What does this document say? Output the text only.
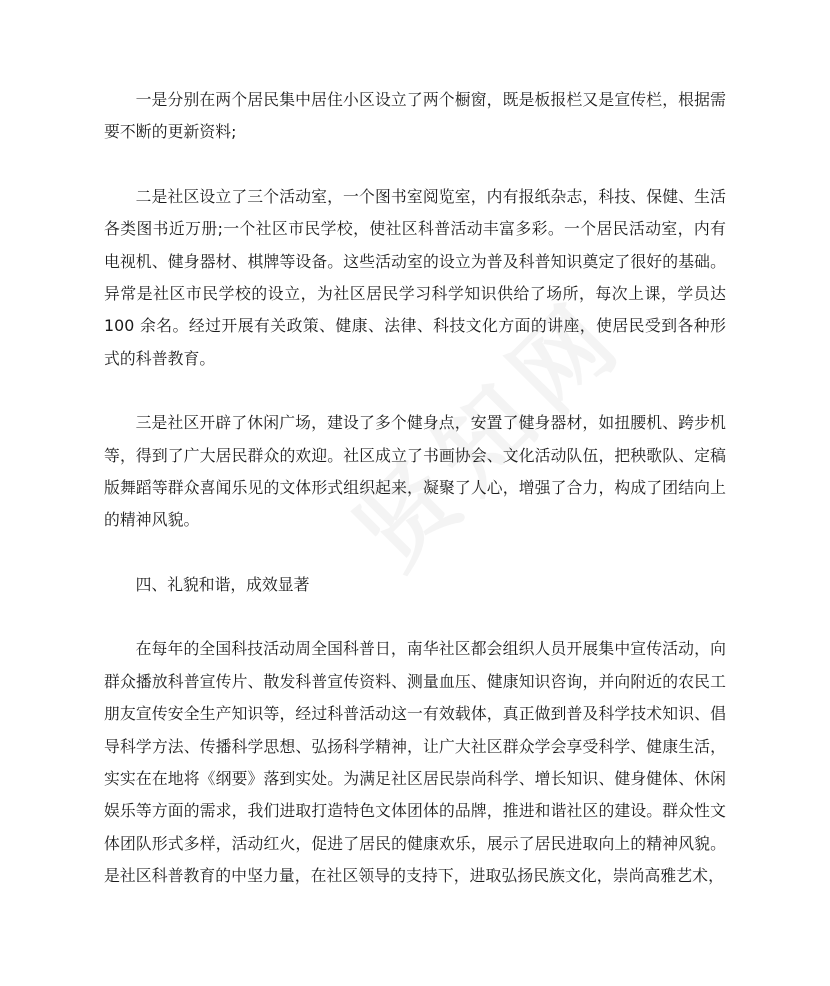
一是分别在两个居民集中居住小区设立了两个橱窗，既是板报栏又是宣传栏，根据需要不断的更新资料;

二是社区设立了三个活动室，一个图书室阅览室，内有报纸杂志，科技、保健、生活各类图书近万册;一个社区市民学校，使社区科普活动丰富多彩。一个居民活动室，内有电视机、健身器材、棋牌等设备。这些活动室的设立为普及科普知识奠定了很好的基础。异常是社区市民学校的设立，为社区居民学习科学知识供给了场所，每次上课，学员达 100 余名。经过开展有关政策、健康、法律、科技文化方面的讲座，使居民受到各种形式的科普教育。

三是社区开辟了休闲广场，建设了多个健身点，安置了健身器材，如扭腰机、跨步机等，得到了广大居民群众的欢迎。社区成立了书画协会、文化活动队伍，把秧歌队、定稿版舞蹈等群众喜闻乐见的文体形式组织起来，凝聚了人心，增强了合力，构成了团结向上的精神风貌。

四、礼貌和谐，成效显著

在每年的全国科技活动周全国科普日，南华社区都会组织人员开展集中宣传活动，向群众播放科普宣传片、散发科普宣传资料、测量血压、健康知识咨询，并向附近的农民工朋友宣传安全生产知识等，经过科普活动这一有效载体，真正做到普及科学技术知识、倡导科学方法、传播科学思想、弘扬科学精神，让广大社区群众学会享受科学、健康生活，实实在在地将《纲要》落到实处。为满足社区居民崇尚科学、增长知识、健身健体、休闲娱乐等方面的需求，我们进取打造特色文体团体的品牌，推进和谐社区的建设。群众性文体团队形式多样，活动红火，促进了居民的健康欢乐，展示了居民进取向上的精神风貌。是社区科普教育的中坚力量，在社区领导的支持下，进取弘扬民族文化，崇尚高雅艺术，
